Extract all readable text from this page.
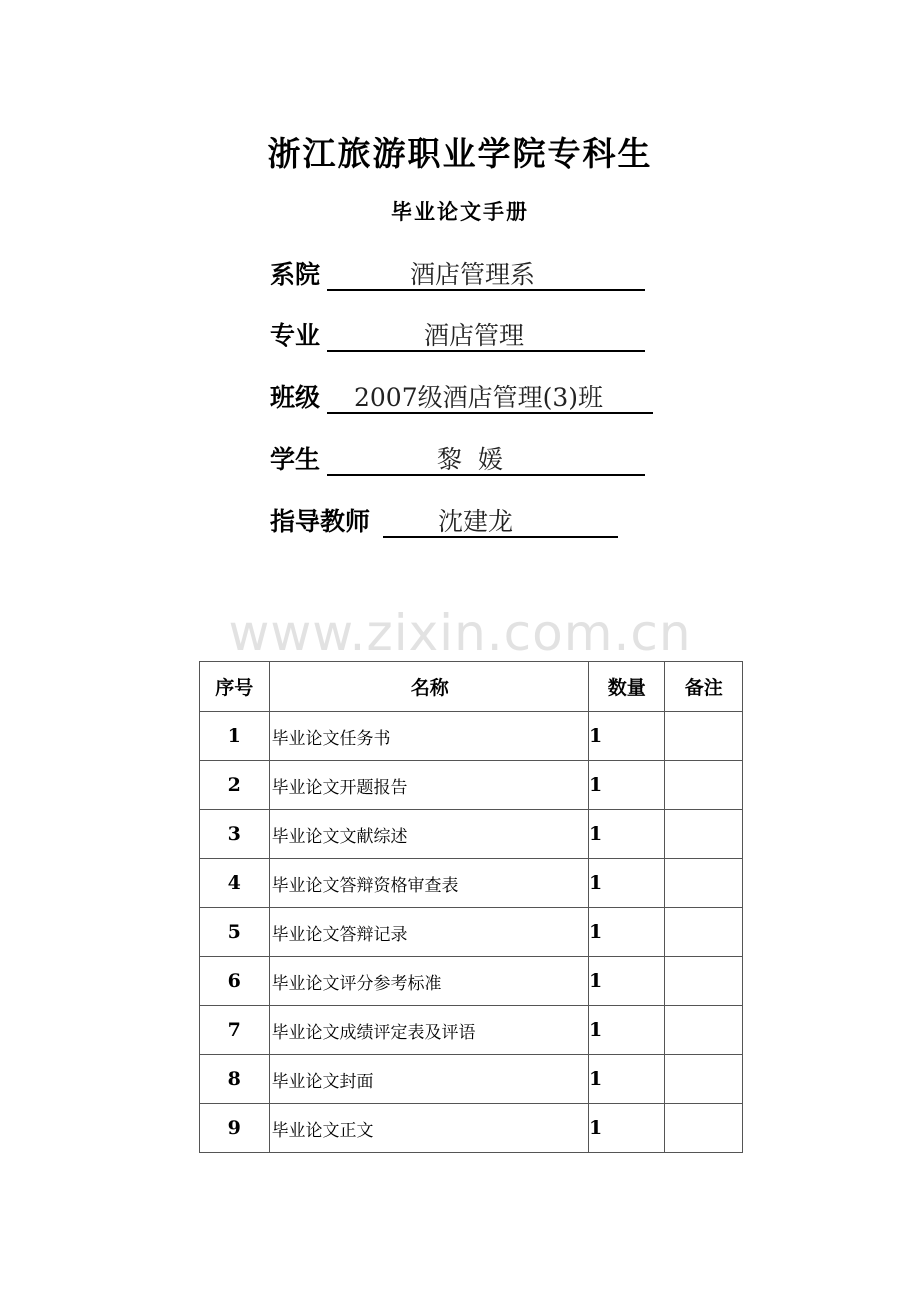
浙江旅游职业学院专科生
毕业论文手册
系院	酒店管理系
专业	酒店管理
班级 2007级酒店管理(3)班
学生	黎  媛
指导教师	沈建龙
www.zixin.com.cn
序号	名称	数量	备注
1	毕业论文任务书	1	
2	毕业论文开题报告	1	
3	毕业论文文献综述	1	
4	毕业论文答辩资格审查表	1	
5	毕业论文答辩记录	1	
6	毕业论文评分参考标准	1	
7	毕业论文成绩评定表及评语	1	
8	毕业论文封面	1	
9	毕业论文正文	1	
